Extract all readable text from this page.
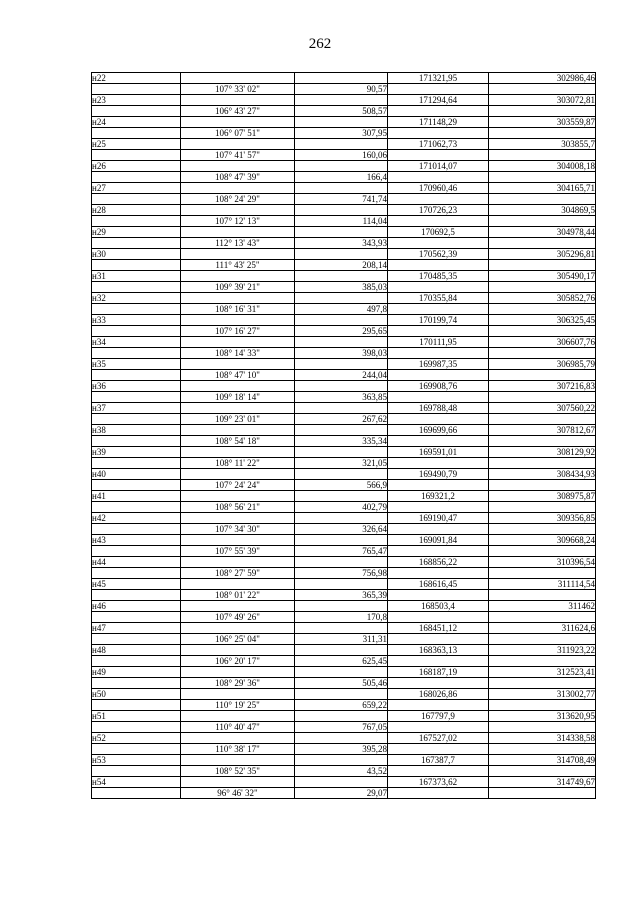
262
н22			171321,95	302986,46
	107° 33' 02"	90,57		
н23			171294,64	303072,81
	106° 43' 27"	508,57		
н24			171148,29	303559,87
	106° 07' 51"	307,95		
н25			171062,73	303855,7
	107° 41' 57"	160,06		
н26			171014,07	304008,18
	108° 47' 39"	166,4		
н27			170960,46	304165,71
	108° 24' 29"	741,74		
н28			170726,23	304869,5
	107° 12' 13"	114,04		
н29			170692,5	304978,44
	112° 13' 43"	343,93		
н30			170562,39	305296,81
	111° 43' 25"	208,14		
н31			170485,35	305490,17
	109° 39' 21"	385,03		
н32			170355,84	305852,76
	108° 16' 31"	497,8		
н33			170199,74	306325,45
	107° 16' 27"	295,65		
н34			170111,95	306607,76
	108° 14' 33"	398,03		
н35			169987,35	306985,79
	108° 47' 10"	244,04		
н36			169908,76	307216,83
	109° 18' 14"	363,85		
н37			169788,48	307560,22
	109° 23' 01"	267,62		
н38			169699,66	307812,67
	108° 54' 18"	335,34		
н39			169591,01	308129,92
	108° 11' 22"	321,05		
н40			169490,79	308434,93
	107° 24' 24"	566,9		
н41			169321,2	308975,87
	108° 56' 21"	402,79		
н42			169190,47	309356,85
	107° 34' 30"	326,64		
н43			169091,84	309668,24
	107° 55' 39"	765,47		
н44			168856,22	310396,54
	108° 27' 59"	756,98		
н45			168616,45	311114,54
	108° 01' 22"	365,39		
н46			168503,4	311462
	107° 49' 26"	170,8		
н47			168451,12	311624,6
	106° 25' 04"	311,31		
н48			168363,13	311923,22
	106° 20' 17"	625,45		
н49			168187,19	312523,41
	108° 29' 36"	505,46		
н50			168026,86	313002,77
	110° 19' 25"	659,22		
н51			167797,9	313620,95
	110° 40' 47"	767,05		
н52			167527,02	314338,58
	110° 38' 17"	395,28		
н53			167387,7	314708,49
	108° 52' 35"	43,52		
н54			167373,62	314749,67
	96° 46' 32"	29,07		
